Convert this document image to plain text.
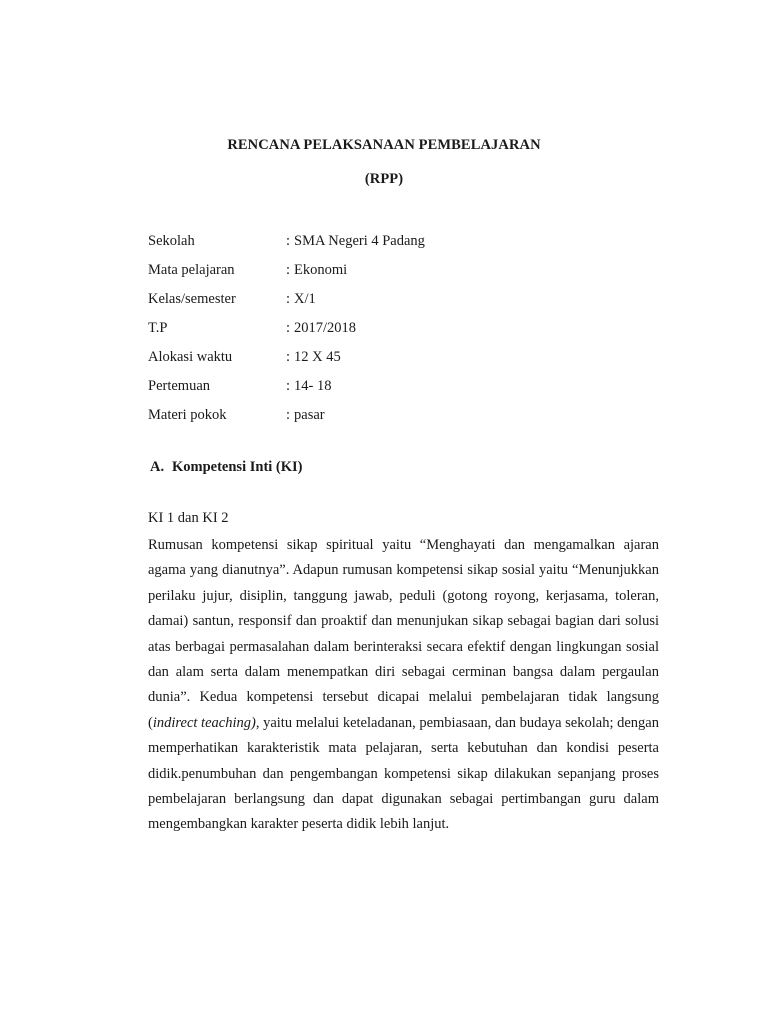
RENCANA PELAKSANAAN PEMBELAJARAN
(RPP)
Sekolah	: SMA Negeri 4 Padang
Mata pelajaran	: Ekonomi
Kelas/semester	: X/1
T.P	: 2017/2018
Alokasi waktu	: 12 X 45
Pertemuan	: 14- 18
Materi pokok	: pasar
A. Kompetensi Inti (KI)
KI 1 dan KI 2

Rumusan kompetensi sikap spiritual yaitu “Menghayati dan mengamalkan ajaran agama yang dianutnya”. Adapun rumusan kompetensi sikap sosial yaitu “Menunjukkan perilaku jujur, disiplin, tanggung jawab, peduli (gotong royong, kerjasama, toleran, damai) santun, responsif dan proaktif dan menunjukan sikap sebagai bagian dari solusi atas berbagai permasalahan dalam berinteraksi secara efektif dengan lingkungan sosial dan alam serta dalam menempatkan diri sebagai cerminan bangsa dalam pergaulan dunia”. Kedua kompetensi tersebut dicapai melalui pembelajaran tidak langsung (indirect teaching), yaitu melalui keteladanan, pembiasaan, dan budaya sekolah; dengan memperhatikan karakteristik mata pelajaran, serta kebutuhan dan kondisi peserta didik.penumbuhan dan pengembangan kompetensi sikap dilakukan sepanjang proses pembelajaran berlangsung dan dapat digunakan sebagai pertimbangan guru dalam mengembangkan karakter peserta didik lebih lanjut.
